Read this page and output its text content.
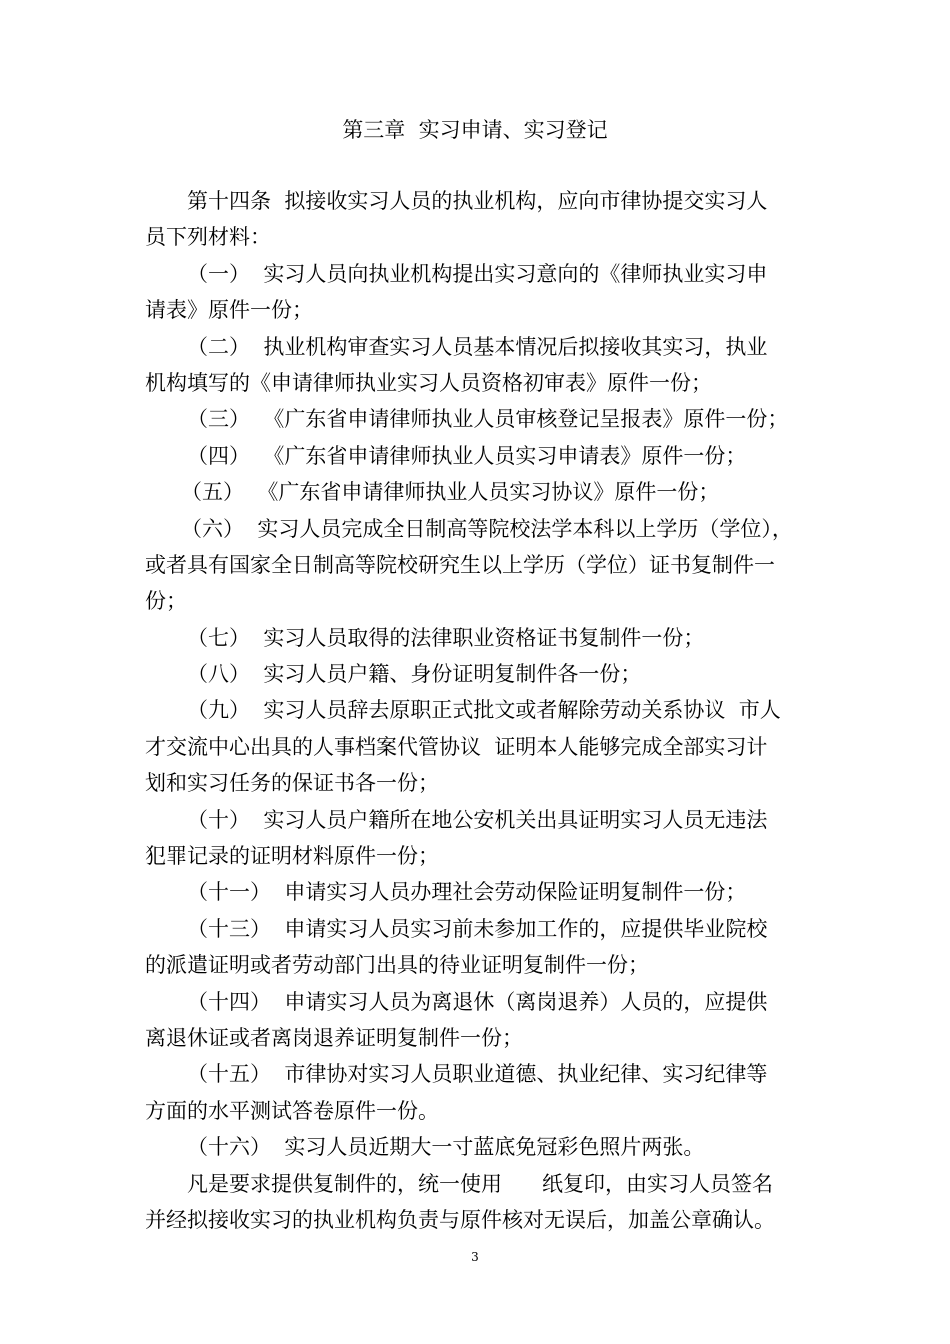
第三章  实习申请、实习登记
第十四条  拟接收实习人员的执业机构，应向市律协提交实习人
员下列材料：
（一）  实习人员向执业机构提出实习意向的《律师执业实习申
请表》原件一份；
（二）  执业机构审查实习人员基本情况后拟接收其实习，执业
机构填写的《申请律师执业实习人员资格初审表》原件一份；
（三）  《广东省申请律师执业人员审核登记呈报表》原件一份；
（四）  《广东省申请律师执业人员实习申请表》原件一份；
（五）  《广东省申请律师执业人员实习协议》原件一份；
（六）  实习人员完成全日制高等院校法学本科以上学历（学位），
或者具有国家全日制高等院校研究生以上学历（学位）证书复制件一
份；
（七）  实习人员取得的法律职业资格证书复制件一份；
（八）  实习人员户籍、身份证明复制件各一份；
（九）  实习人员辞去原职正式批文或者解除劳动关系协议  市人
才交流中心出具的人事档案代管协议  证明本人能够完成全部实习计
划和实习任务的保证书各一份；
（十）  实习人员户籍所在地公安机关出具证明实习人员无违法
犯罪记录的证明材料原件一份；
（十一）  申请实习人员办理社会劳动保险证明复制件一份；
（十三）  申请实习人员实习前未参加工作的，应提供毕业院校
的派遣证明或者劳动部门出具的待业证明复制件一份；
（十四）  申请实习人员为离退休（离岗退养）人员的，应提供
离退休证或者离岗退养证明复制件一份；
（十五）  市律协对实习人员职业道德、执业纪律、实习纪律等
方面的水平测试答卷原件一份。
（十六）  实习人员近期大一寸蓝底免冠彩色照片两张。
凡是要求提供复制件的，统一使用 纸复印，由实习人员签名
并经拟接收实习的执业机构负责与原件核对无误后，加盖公章确认。
3
